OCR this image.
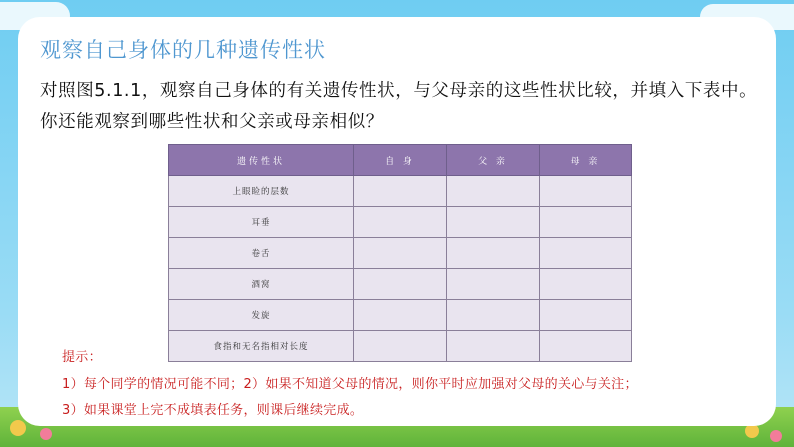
观察自己身体的几种遗传性状
对照图5.1.1，观察自己身体的有关遗传性状，与父母亲的这些性状比较，并填入下表中。你还能观察到哪些性状和父亲或母亲相似？
遗传性状	自 身	父 亲	母 亲
上眼睑的层数			
耳垂			
卷舌			
酒窝			
发旋			
食指和无名指相对长度			
提示：
1）每个同学的情况可能不同；2）如果不知道父母的情况，则你平时应加强对父母的关心与关注；
3）如果课堂上完不成填表任务，则课后继续完成。
